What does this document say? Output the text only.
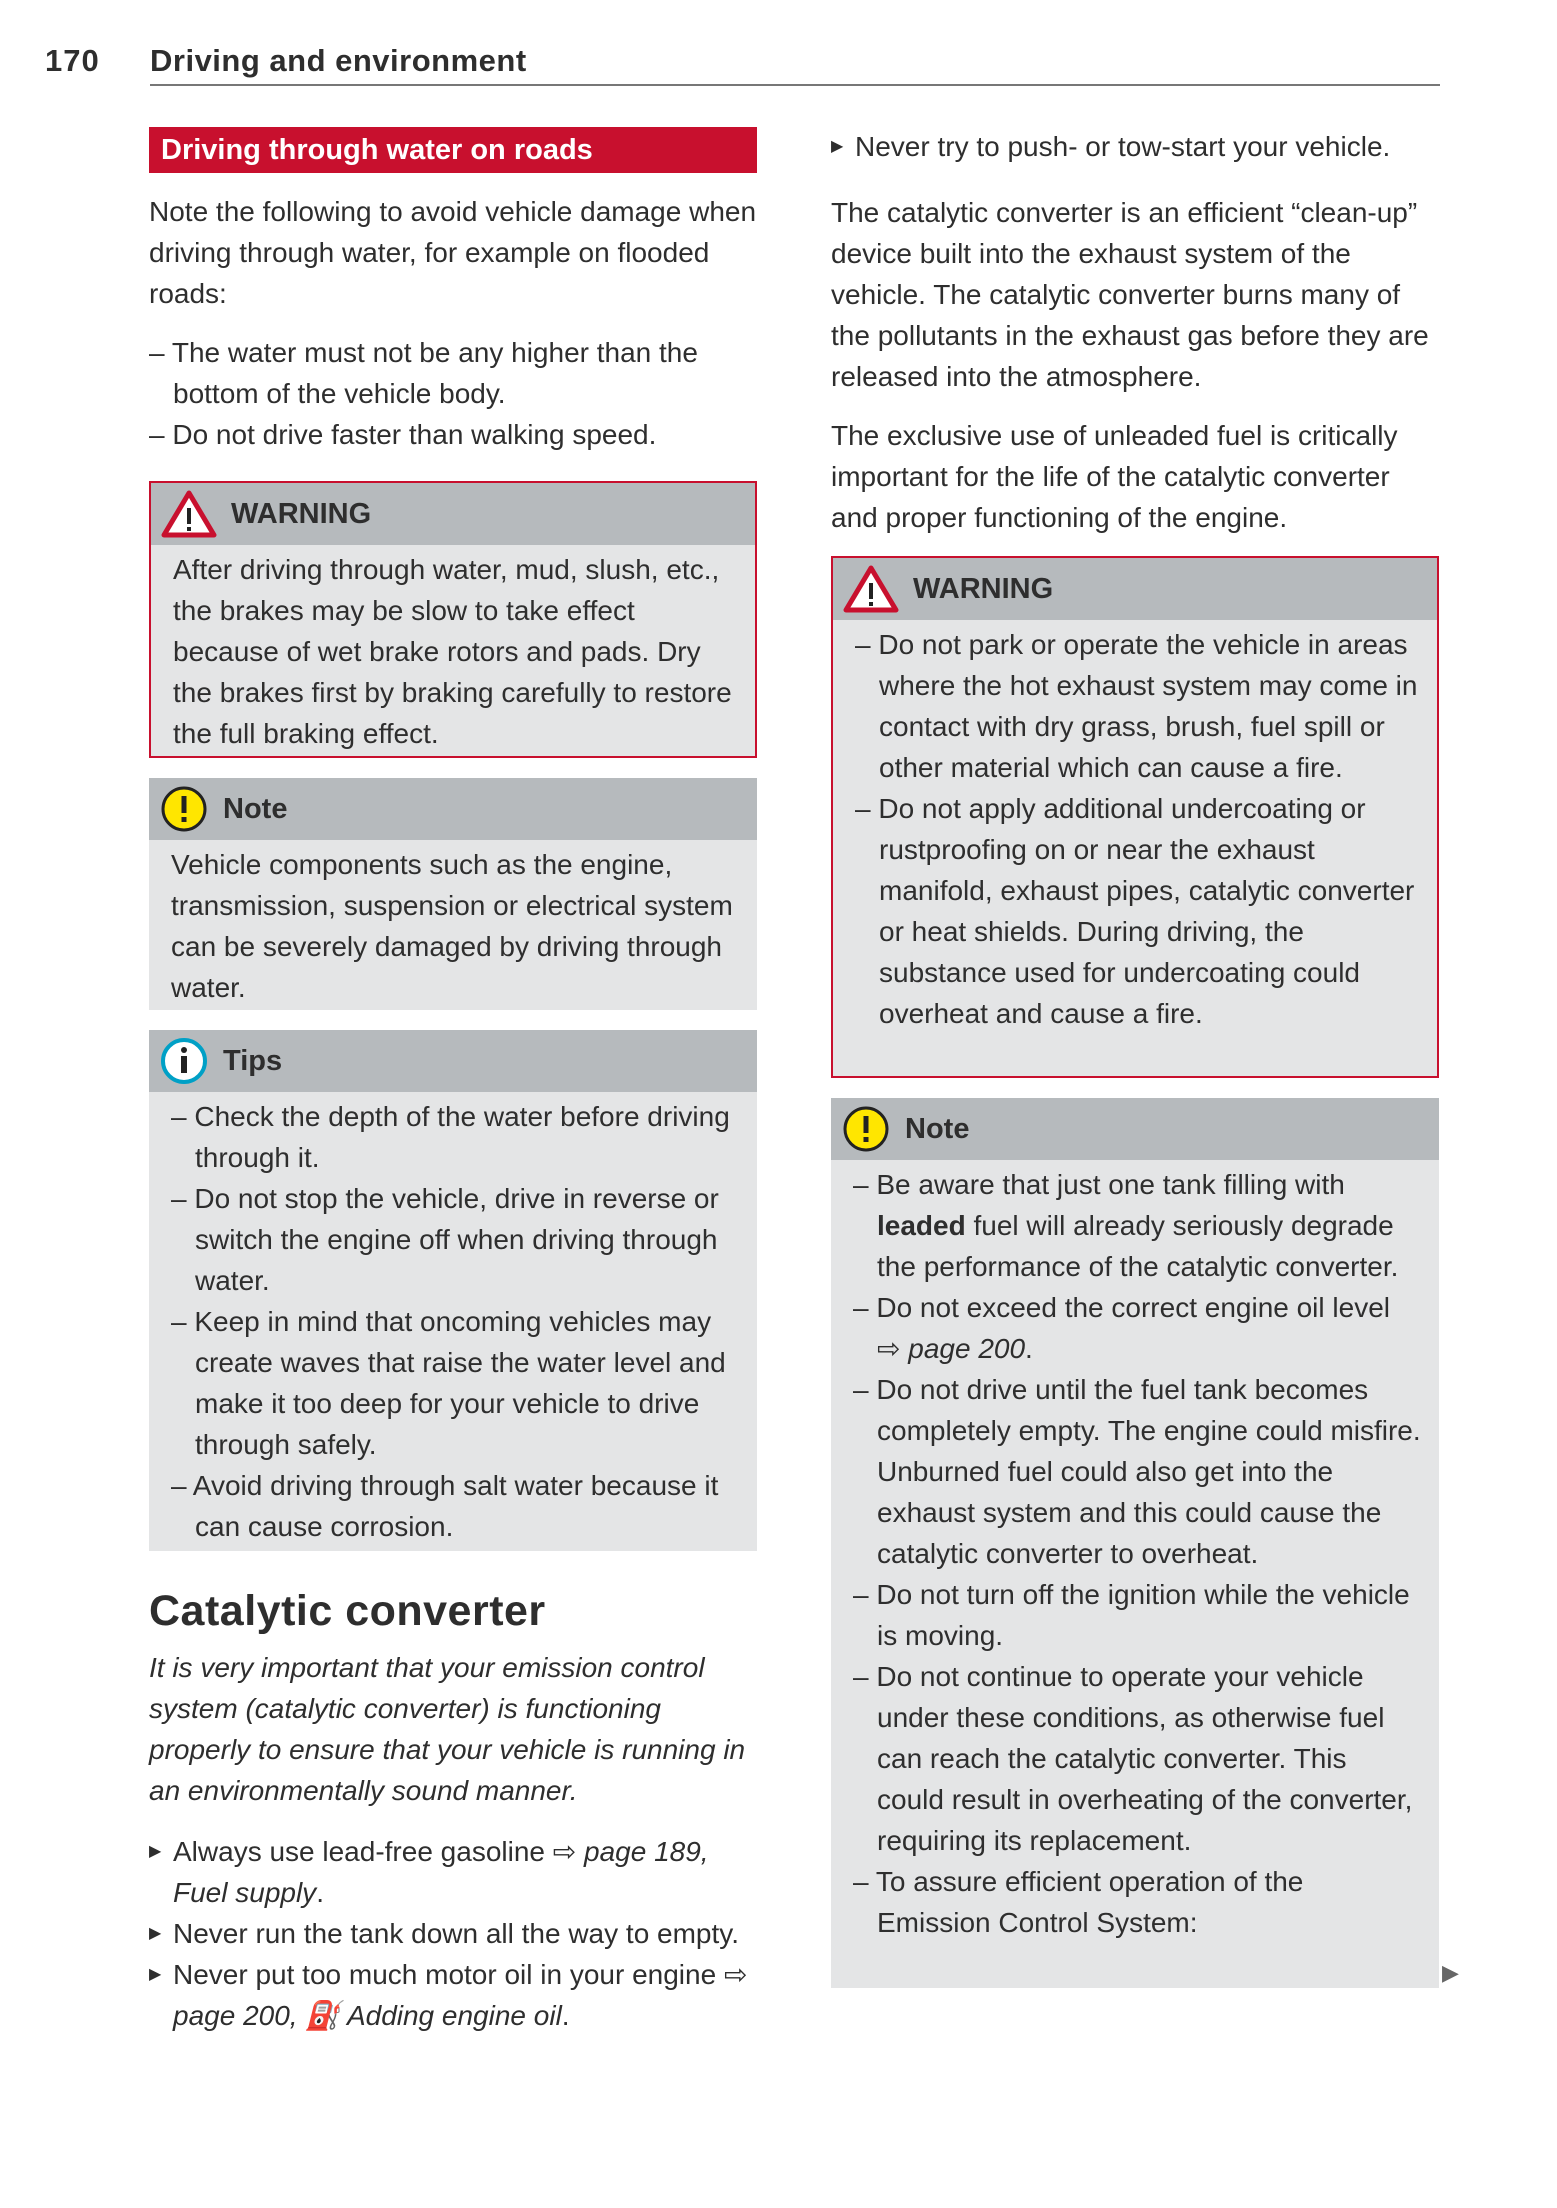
170 Driving and environment
Driving through water on roads

Note the following to avoid vehicle damage when driving through water, for example on flooded roads:

– The water must not be any higher than the bottom of the vehicle body.

– Do not drive faster than walking speed.

WARNING

After driving through water, mud, slush, etc., the brakes may be slow to take effect because of wet brake rotors and pads. Dry the brakes first by braking carefully to restore the full braking effect.

Note

Vehicle components such as the engine, transmission, suspension or electrical system can be severely damaged by driving through water.

Tips

– Check the depth of the water before driving through it.

– Do not stop the vehicle, drive in reverse or switch the engine off when driving through water.

– Keep in mind that oncoming vehicles may create waves that raise the water level and make it too deep for your vehicle to drive through safely.

– Avoid driving through salt water because it can cause corrosion.

Catalytic converter

It is very important that your emission control system (catalytic converter) is functioning properly to ensure that your vehicle is running in an environmentally sound manner.

▶ Always use lead-free gasoline ⇨ page 189, Fuel supply.

▶ Never run the tank down all the way to empty.

▶ Never put too much motor oil in your engine ⇨ page 200, ⛽ Adding engine oil.

▶ Never try to push- or tow-start your vehicle.

The catalytic converter is an efficient “clean-up” device built into the exhaust system of the vehicle. The catalytic converter burns many of the pollutants in the exhaust gas before they are released into the atmosphere.

The exclusive use of unleaded fuel is critically important for the life of the catalytic converter and proper functioning of the engine.

WARNING

– Do not park or operate the vehicle in areas where the hot exhaust system may come in contact with dry grass, brush, fuel spill or other material which can cause a fire.

– Do not apply additional undercoating or rustproofing on or near the exhaust manifold, exhaust pipes, catalytic converter or heat shields. During driving, the substance used for undercoating could overheat and cause a fire.

Note

– Be aware that just one tank filling with leaded fuel will already seriously degrade the performance of the catalytic converter.

– Do not exceed the correct engine oil level ⇨ page 200.

– Do not drive until the fuel tank becomes completely empty. The engine could misfire. Unburned fuel could also get into the exhaust system and this could cause the catalytic converter to overheat.

– Do not turn off the ignition while the vehicle is moving.

– Do not continue to operate your vehicle under these conditions, as otherwise fuel can reach the catalytic converter. This could result in overheating of the converter, requiring its replacement.

– To assure efficient operation of the Emission Control System:

▶
